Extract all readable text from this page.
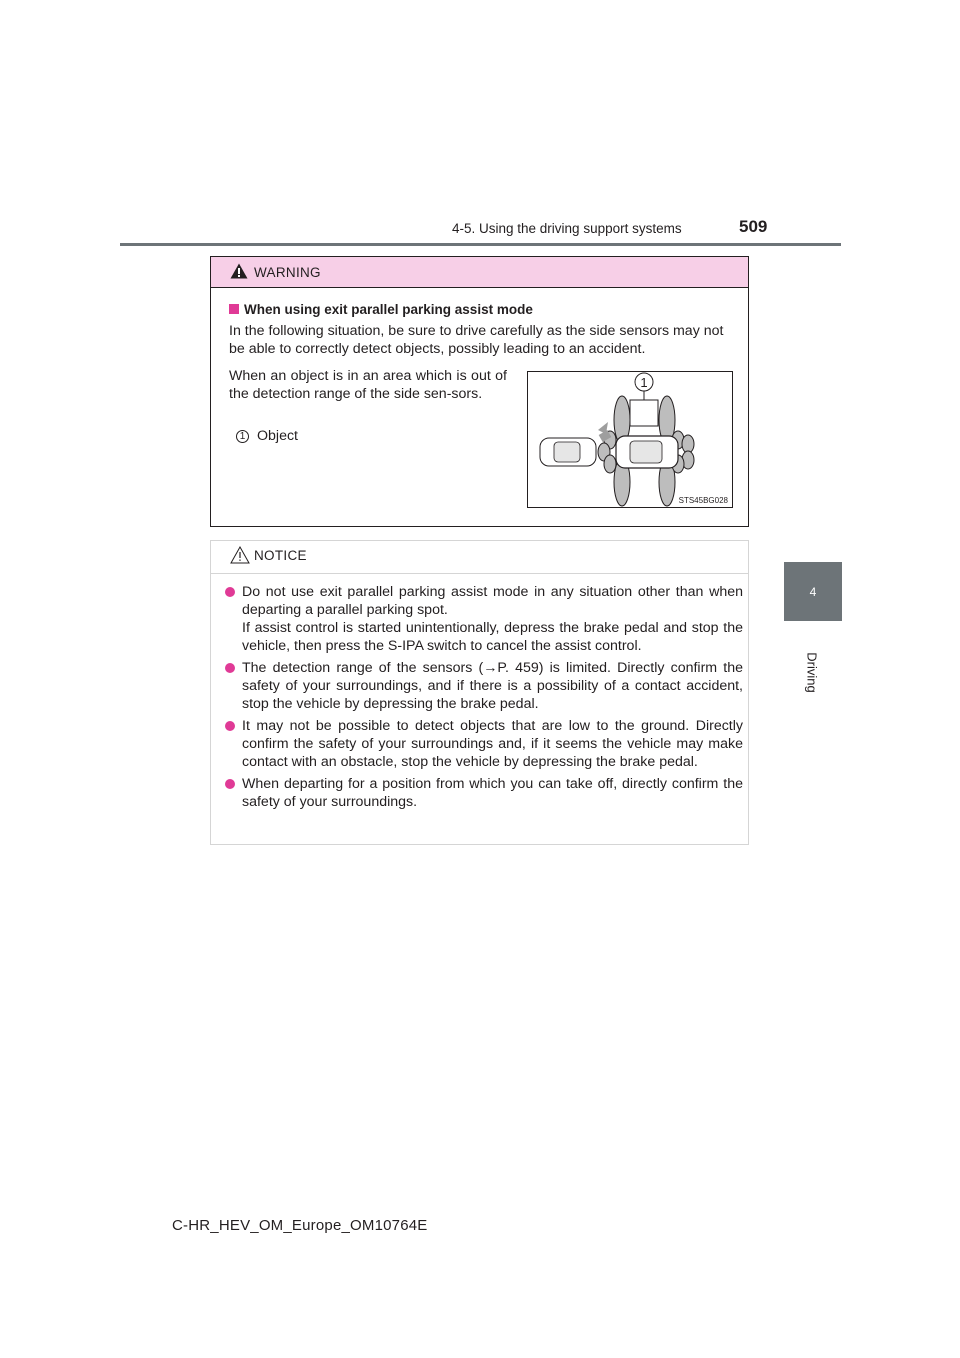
4-5. Using the driving support systems	509
4
Driving
WARNING
When using exit parallel parking assist mode
In the following situation, be sure to drive carefully as the side sensors may not be able to correctly detect objects, possibly leading to an accident.
When an object is in an area which is out of the detection range of the side sen-sors.
1 Object
1
STS45BG028
NOTICE
Do not use exit parallel parking assist mode in any situation other than when departing a parallel parking spot.
If assist control is started unintentionally, depress the brake pedal and stop the vehicle, then press the S-IPA switch to cancel the assist control.
The detection range of the sensors (→P. 459) is limited. Directly confirm the safety of your surroundings, and if there is a possibility of a contact accident, stop the vehicle by depressing the brake pedal.
It may not be possible to detect objects that are low to the ground. Directly confirm the safety of your surroundings and, if it seems the vehicle may make contact with an obstacle, stop the vehicle by depressing the brake pedal.
When departing for a position from which you can take off, directly confirm the safety of your surroundings.
C-HR_HEV_OM_Europe_OM10764E
